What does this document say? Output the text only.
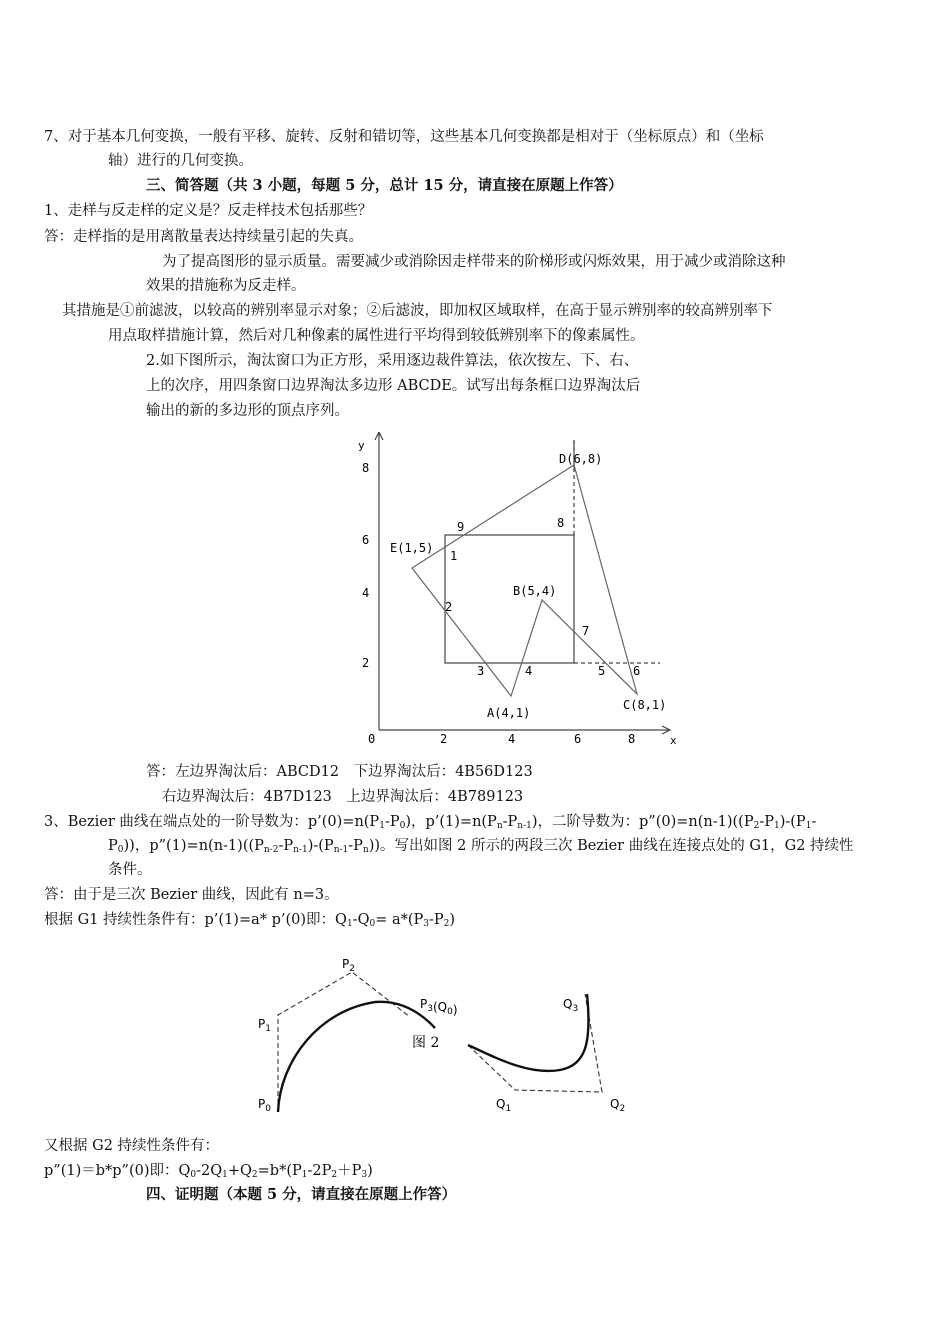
7、对于基本几何变换，一般有平移、旋转、反射和错切等，这些基本几何变换都是相对于（坐标原点）和（坐标
轴）进行的几何变换。
三、简答题（共 3 小题，每题 5 分，总计 15 分，请直接在原题上作答）
1、走样与反走样的定义是？反走样技术包括那些？
答：走样指的是用离散量表达持续量引起的失真。
为了提高图形的显示质量。需要减少或消除因走样带来的阶梯形或闪烁效果，用于减少或消除这种
效果的措施称为反走样。
其措施是①前滤波，以较高的辨别率显示对象；②后滤波，即加权区域取样，在高于显示辨别率的较高辨别率下
用点取样措施计算，然后对几种像素的属性进行平均得到较低辨别率下的像素属性。
2.如下图所示，淘汰窗口为正方形，采用逐边裁件算法，依次按左、下、右、
上的次序，用四条窗口边界淘汰多边形 ABCDE。试写出每条框口边界淘汰后
输出的新的多边形的顶点序列。
y
x
0	2	4	6	8
2
4
6
8
A(4,1)
B(5,4)
C(8,1)
D(6,8)
E(1,5)
1
2
3	4	5 6
7
8
9
答：左边界淘汰后：ABCD12　下边界淘汰后：4B56D123
右边界淘汰后：4B7D123　上边界淘汰后：4B789123
3、Bezier 曲线在端点处的一阶导数为：$p’(0)=n(P_1-P_0)$，$p’(1)=n(P_n-P_{n-1})$，二阶导数为：$p”(0)=n(n-1)((P_2-P_1)-(P_1-$
$P_0$))，$p”(1)=n(n-1)((P_{n-2}-P_{n-1})-(P_{n-1}-P_n))$。写出如图 2 所示的两段三次 Bezier 曲线在连接点处的 G1，G2 持续性
条件。
答：由于是三次 Bezier 曲线，因此有 n=3。
根据 G1 持续性条件有：p’(1)=a* p’(0)即：$Q_1-Q_0= a*(P_3-P_2)$
$P_0$
$P_1$
$P_2$
$P_3(Q_0)$
$Q_1$	$Q_2$
$Q_3$
图 2
又根据 G2 持续性条件有：
p”(1)＝b*p”(0)即：$Q_0-2Q_1+Q_2=b*(P_1-2P_2+P_3)$
四、证明题（本题 5 分，请直接在原题上作答）
